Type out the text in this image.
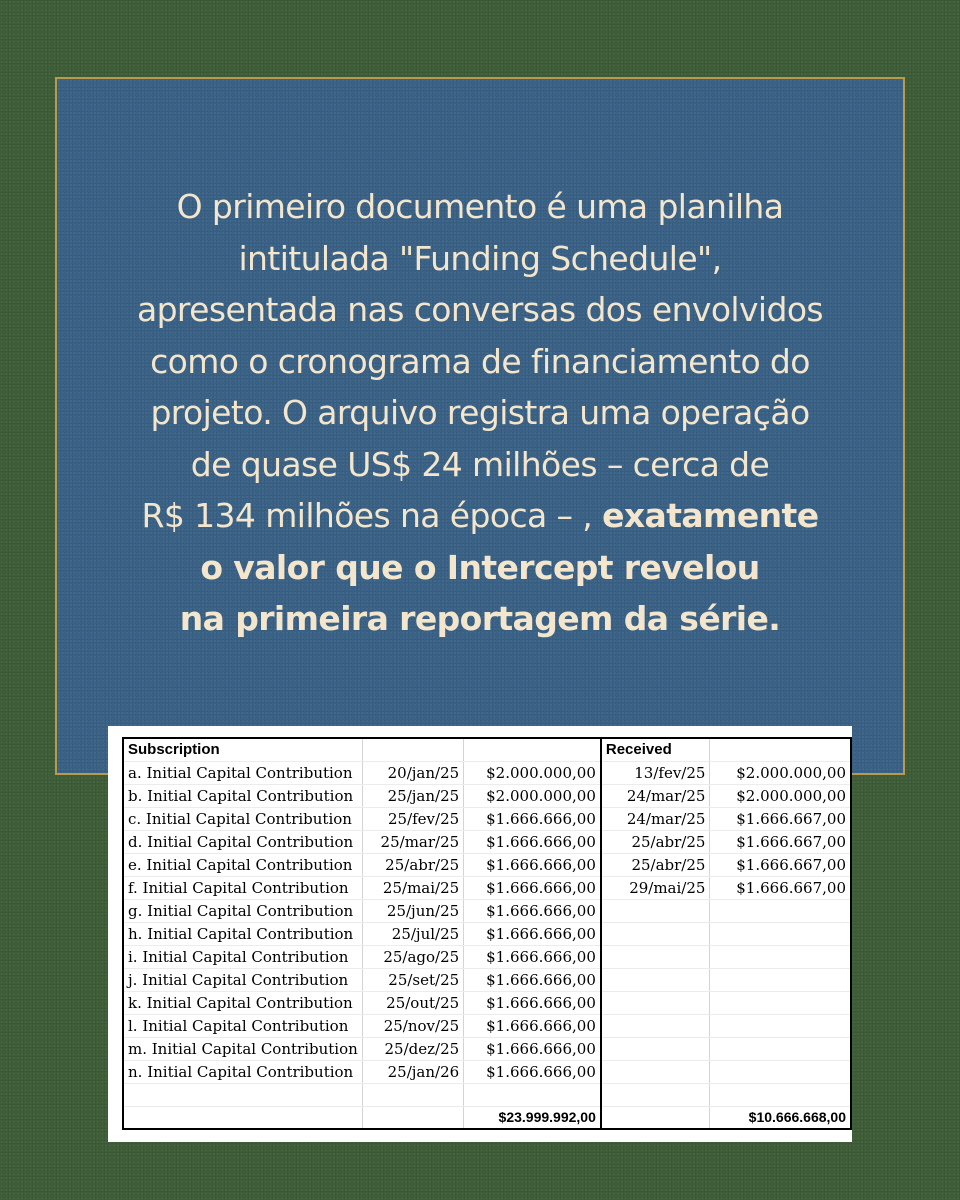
O primeiro documento é uma planilha
intitulada "Funding Schedule",
apresentada nas conversas dos envolvidos
como o cronograma de financiamento do
projeto. O arquivo registra uma operação
de quase US$ 24 milhões – cerca de
R$ 134 milhões na época – , exatamente
o valor que o Intercept revelou
na primeira reportagem da série.
Subscription			Received	
a. Initial Capital Contribution	20/jan/25	$2.000.000,00	13/fev/25	$2.000.000,00
b. Initial Capital Contribution	25/jan/25	$2.000.000,00	24/mar/25	$2.000.000,00
c. Initial Capital Contribution	25/fev/25	$1.666.666,00	24/mar/25	$1.666.667,00
d. Initial Capital Contribution	25/mar/25	$1.666.666,00	25/abr/25	$1.666.667,00
e. Initial Capital Contribution	25/abr/25	$1.666.666,00	25/abr/25	$1.666.667,00
f. Initial Capital Contribution	25/mai/25	$1.666.666,00	29/mai/25	$1.666.667,00
g. Initial Capital Contribution	25/jun/25	$1.666.666,00		
h. Initial Capital Contribution	25/jul/25	$1.666.666,00		
i. Initial Capital Contribution	25/ago/25	$1.666.666,00		
j. Initial Capital Contribution	25/set/25	$1.666.666,00		
k. Initial Capital Contribution	25/out/25	$1.666.666,00		
l. Initial Capital Contribution	25/nov/25	$1.666.666,00		
m. Initial Capital Contribution	25/dez/25	$1.666.666,00		
n. Initial Capital Contribution	25/jan/26	$1.666.666,00		

		$23.999.992,00		$10.666.668,00
